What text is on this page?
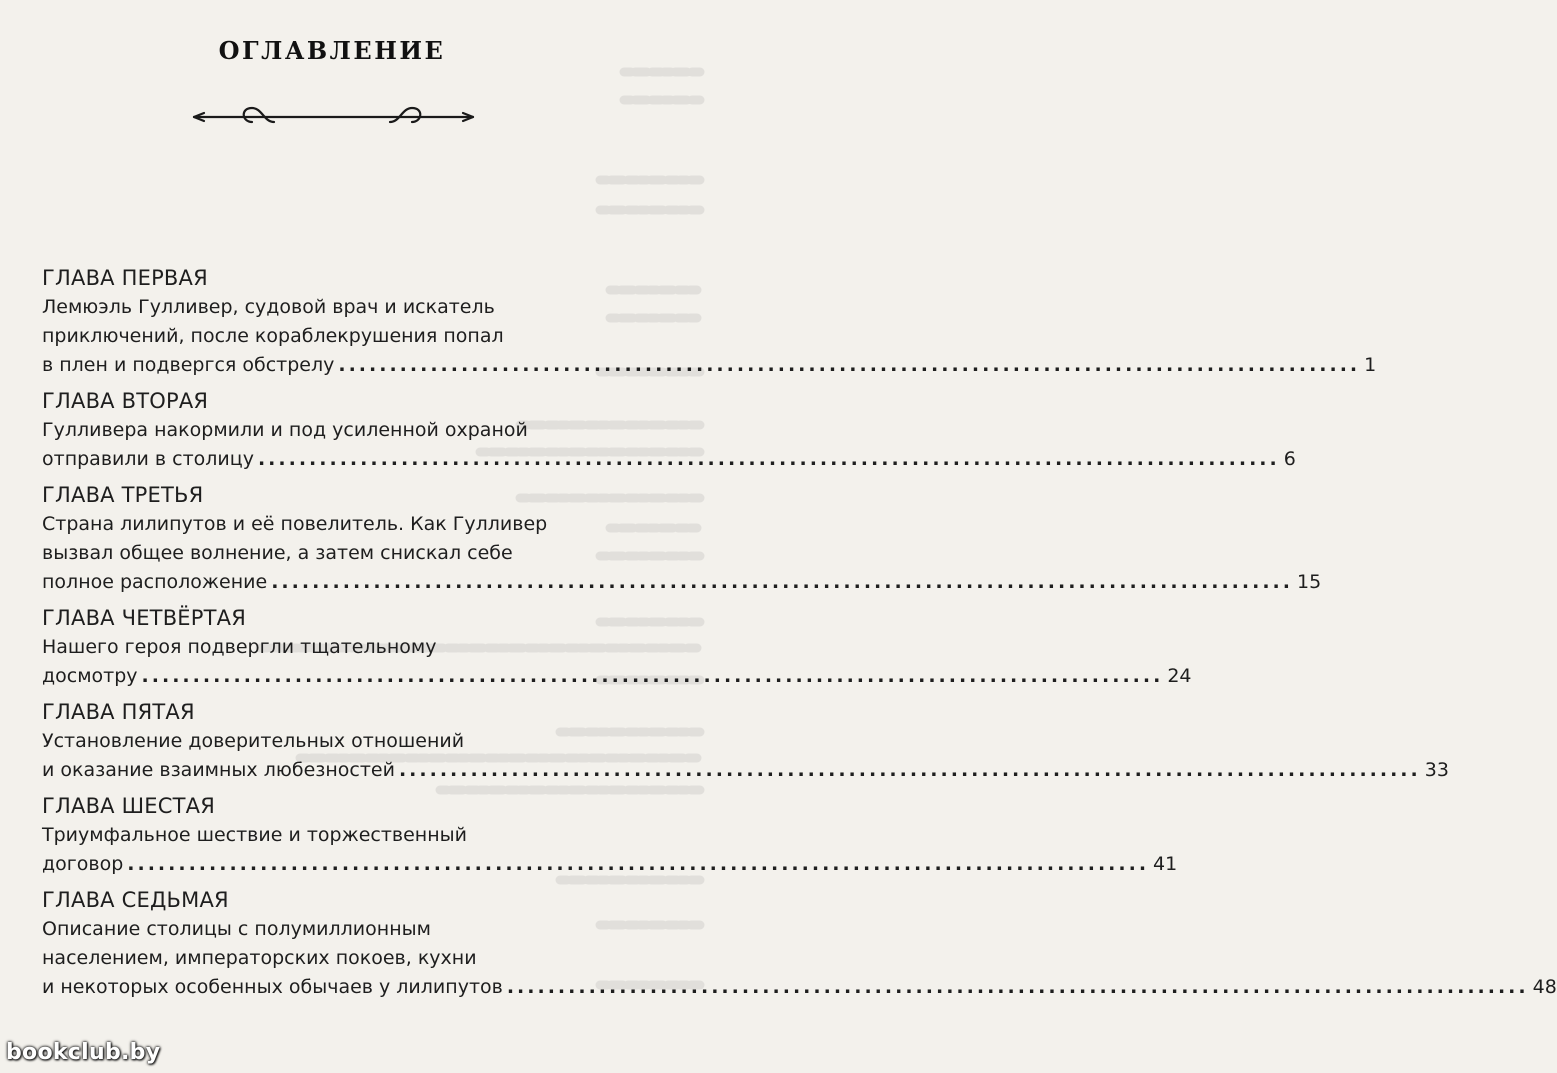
ОГЛАВЛЕНИЕ
ГЛАВА ПЕРВАЯ
Лемюэль Гулливер, судовой врач и искатель
приключений, после кораблекрушения попал
в плен и подвергся обстрелу .................................................................................................... 1
ГЛАВА ВТОРАЯ
Гулливера накормили и под усиленной охраной
отправили в столицу .................................................................................................... 6
ГЛАВА ТРЕТЬЯ
Страна лилипутов и её повелитель. Как Гулливер
вызвал общее волнение, а затем снискал себе
полное расположение .................................................................................................... 15
ГЛАВА ЧЕТВЁРТАЯ
Нашего героя подвергли тщательному
досмотру .................................................................................................... 24
ГЛАВА ПЯТАЯ
Установление доверительных отношений
и оказание взаимных любезностей .................................................................................................... 33
ГЛАВА ШЕСТАЯ
Триумфальное шествие и торжественный
договор .................................................................................................... 41
ГЛАВА СЕДЬМАЯ
Описание столицы с полумиллионным
населением, императорских покоев, кухни
и некоторых особенных обычаев у лилипутов .................................................................................................... 48
bookclub.by
